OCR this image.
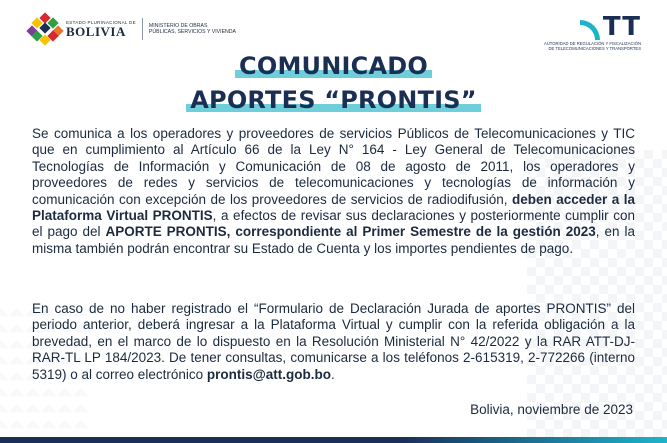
ESTADO PLURINACIONAL DE
BOLIVIA	MINISTERIO DE OBRAS
PÚBLICAS, SERVICIOS Y VIVIENDA	TT
AUTORIDAD DE REGULACIÓN Y FISCALIZACIÓN
DE TELECOMUNICACIONES Y TRANSPORTES
COMUNICADO
APORTES “PRONTIS”
Se comunica a los operadores y proveedores de servicios Públicos de Telecomunicaciones y TIC que en cumplimiento al Artículo 66 de la Ley N° 164 - Ley General de Telecomunicaciones Tecnologías de Información y Comunicación de 08 de agosto de 2011, los operadores y proveedores de redes y servicios de telecomunicaciones y tecnologías de información y comunicación con excepción de los proveedores de servicios de radiodifusión, deben acceder a la Plataforma Virtual PRONTIS, a efectos de revisar sus declaraciones y posteriormente cumplir con el pago del APORTE PRONTIS, correspondiente al Primer Semestre de la gestión 2023, en la misma también podrán encontrar su Estado de Cuenta y los importes pendientes de pago.
En caso de no haber registrado el “Formulario de Declaración Jurada de aportes PRONTIS” del periodo anterior, deberá ingresar a la Plataforma Virtual y cumplir con la referida obligación a la brevedad, en el marco de lo dispuesto en la Resolución Ministerial N° 42/2022 y la RAR ATT-DJ-RAR-TL LP 184/2023. De tener consultas, comunicarse a los teléfonos 2-615319, 2-772266 (interno 5319) o al correo electrónico prontis@att.gob.bo.
Bolivia, noviembre de 2023
